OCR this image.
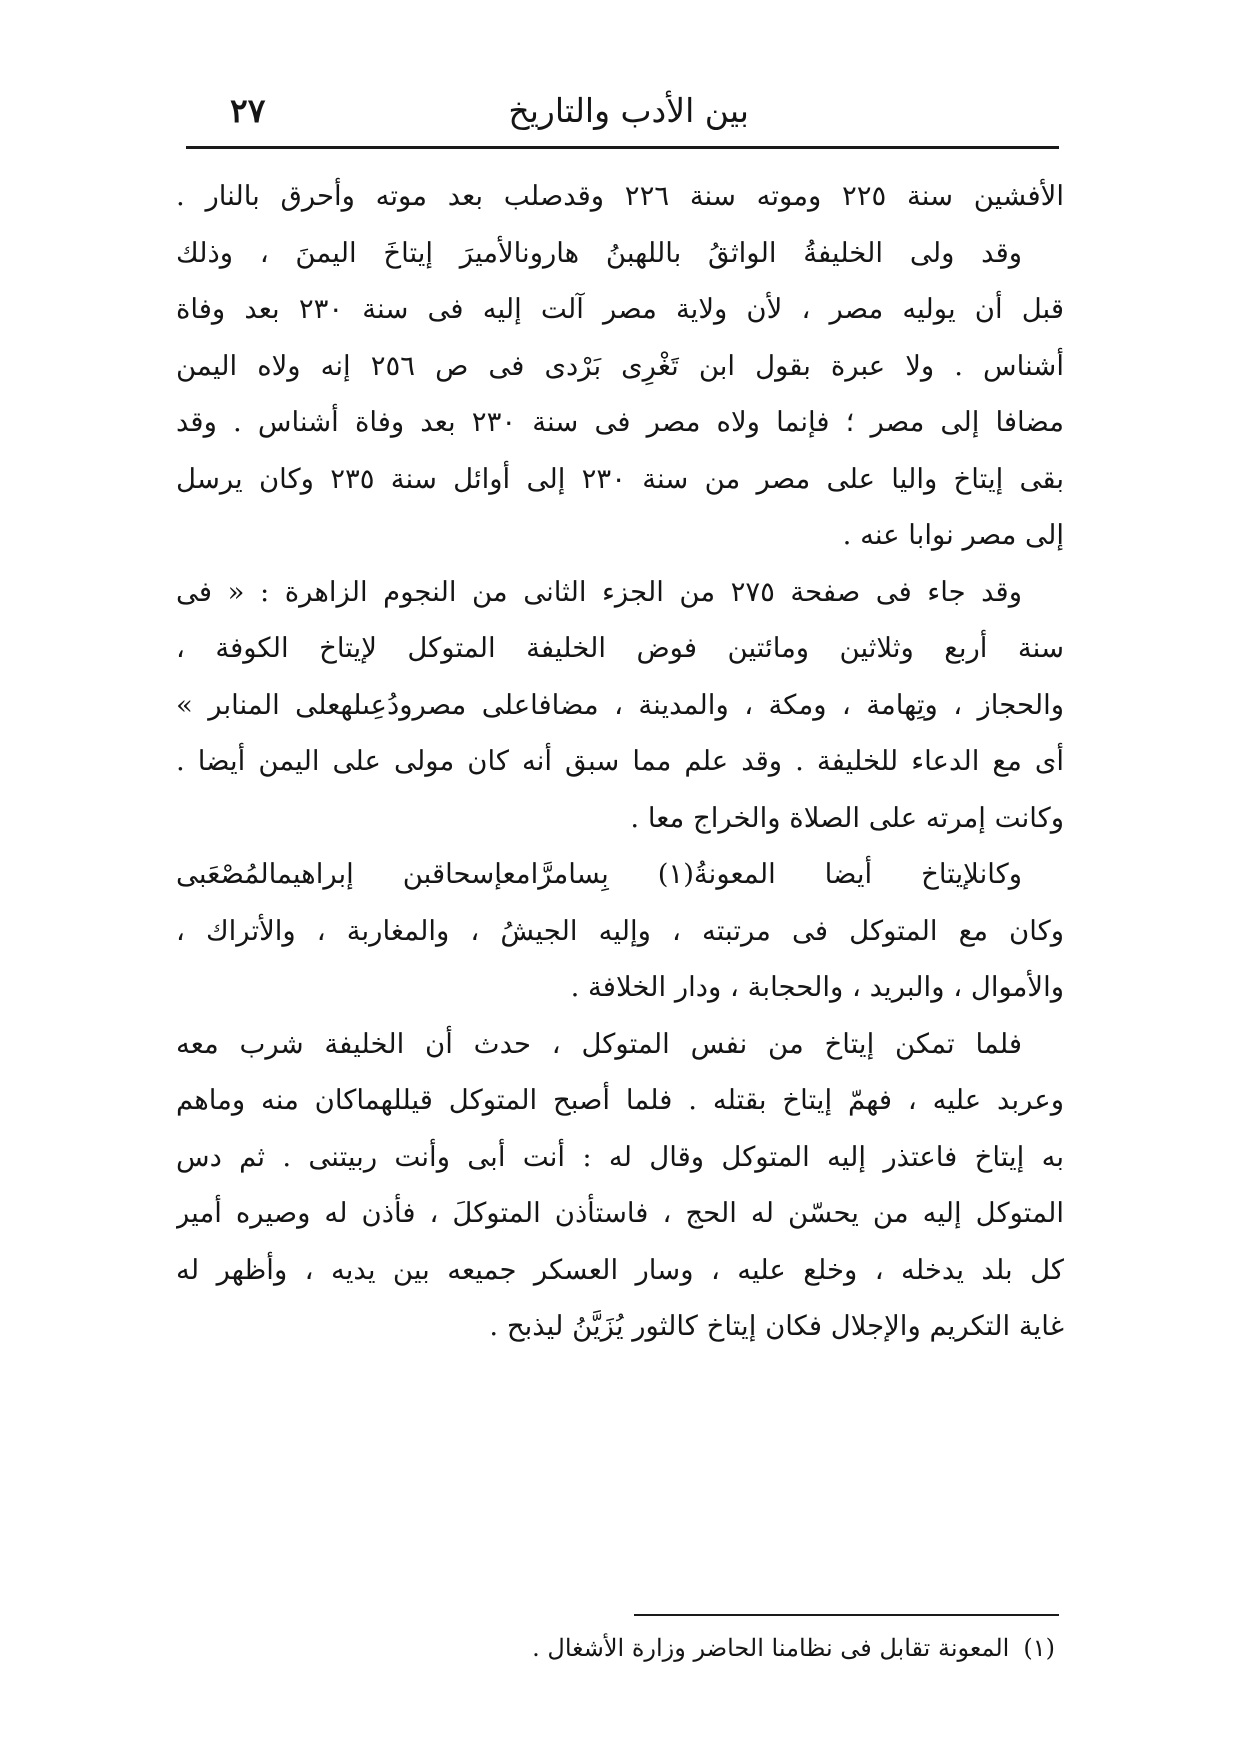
بين الأدب والتاريخ
٢٧
الأفشين سنة ٢٢٥ وموته سنة ٢٢٦ وقدصلب بعد موته وأحرق بالنار .
وقد ولى الخليفةُ الواثقُ باللهبنُ هارونالأميرَ إيتاخَ اليمنَ ، وذلك
قبل أن يوليه مصر ، لأن ولاية مصر آلت إليه فى سنة ٢٣٠ بعد وفاة
أشناس . ولا عبرة بقول ابن تَغْرِى بَرْدى فى ص ٢٥٦ إنه ولاه اليمن
مضافا إلى مصر ؛ فإنما ولاه مصر فى سنة ٢٣٠ بعد وفاة أشناس . وقد
بقى إيتاخ واليا على مصر من سنة ٢٣٠ إلى أوائل سنة ٢٣٥ وكان يرسل
إلى مصر نوابا عنه .
وقد جاء فى صفحة ٢٧٥ من الجزء الثانى من النجوم الزاهرة : « فى
سنة أربع وثلاثين ومائتين فوض الخليفة المتوكل لإيتاخ الكوفة ،
والحجاز ، وتِهامة ، ومكة ، والمدينة ، مضافاعلى مصرودُعِىلهعلى المنابر »
أى مع الدعاء للخليفة . وقد علم مما سبق أنه كان مولى على اليمن أيضا .
وكانت إمرته على الصلاة والخراج معا .
وكانلإيتاخ أيضا المعونةُ(١) بِسامرَّامعإسحاقبن إبراهيمالمُصْعَبى
وكان مع المتوكل فى مرتبته ، وإليه الجيشُ ، والمغاربة ، والأتراك ،
والأموال ، والبريد ، والحجابة ، ودار الخلافة .
فلما تمكن إيتاخ من نفس المتوكل ، حدث أن الخليفة شرب معه
وعربد عليه ، فهمّ إيتاخ بقتله . فلما أصبح المتوكل قيللهماكان منه وماهم
به إيتاخ فاعتذر إليه المتوكل وقال له : أنت أبى وأنت ربيتنى . ثم دس
المتوكل إليه من يحسّن له الحج ، فاستأذن المتوكلَ ، فأذن له وصيره أمير
كل بلد يدخله ، وخلع عليه ، وسار العسكر جميعه بين يديه ، وأظهر له
غاية التكريم والإجلال فكان إيتاخ كالثور يُزَيَّنُ ليذبح .
(١)المعونة تقابل فى نظامنا الحاضر وزارة الأشغال .
